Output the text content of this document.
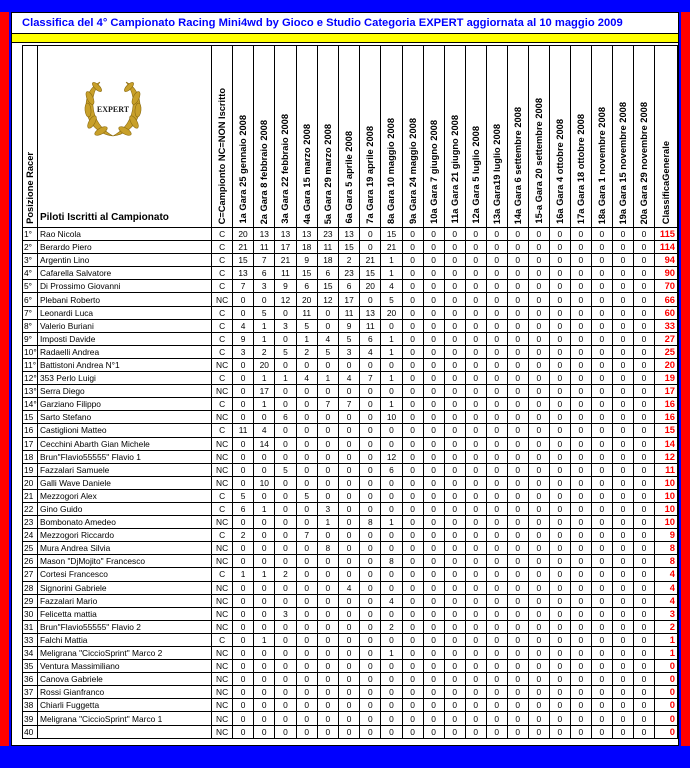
Classifica del 4° Campionato Racing Mini4wd by Gioco e Studio Categoria EXPERT aggiornata al 10 maggio 2009
Posizione Racer	EXPERT
Piloti Iscritti al Campionato	C=Campionto NC=NON Iscritto	1a Gara 25 gennaio 2008	2a Gara 8 febbraio 2008	3a Gara 22 febbraio 2008	4a Gara 15 marzo 2008	5a Gara 29 marzo 2008	6a Gara 5 aprile 2008	7a Gara 19 aprile 2008	8a Gara 10 maggio 2008	9a Gara 24 maggio 2008	10a Gara 7 giugno 2008	11a Gara 21 giugno 2008	12a Gara 5 luglio 2008	13a Gara19 luglio 2008	14a Gara 6 settembre 2008	15-a Gara 20 settembre 2008	16a Gara 4 ottobre 2008	17a Gara 18 ottobre 2008	18a Gara 1 novembre 2008	19a Gara 15 novembre 2008	20a Gara 29 novembre 2008	ClassificaGenerale

1°	Rao Nicola	C	20	13	13	13	23	13	0	15	0	0	0	0	0	0	0	0	0	0	0	0	115
2°	Berardo Piero	C	21	11	17	18	11	15	0	21	0	0	0	0	0	0	0	0	0	0	0	0	114
3°	Argentin Lino	C	15	7	21	9	18	2	21	1	0	0	0	0	0	0	0	0	0	0	0	0	94
4°	Cafarella Salvatore	C	13	6	11	15	6	23	15	1	0	0	0	0	0	0	0	0	0	0	0	0	90
5°	Di Prossimo Giovanni	C	7	3	9	6	15	6	20	4	0	0	0	0	0	0	0	0	0	0	0	0	70
6°	Plebani Roberto	NC	0	0	12	20	12	17	0	5	0	0	0	0	0	0	0	0	0	0	0	0	66
7°	Leonardi Luca	C	0	5	0	11	0	11	13	20	0	0	0	0	0	0	0	0	0	0	0	0	60
8°	Valerio Buriani	C	4	1	3	5	0	9	11	0	0	0	0	0	0	0	0	0	0	0	0	0	33
9°	Imposti Davide	C	9	1	0	1	4	5	6	1	0	0	0	0	0	0	0	0	0	0	0	0	27
10°	Radaelli Andrea	C	3	2	5	2	5	3	4	1	0	0	0	0	0	0	0	0	0	0	0	0	25
11°	Battistoni Andrea N°1	NC	0	20	0	0	0	0	0	0	0	0	0	0	0	0	0	0	0	0	0	0	20
12°	353 Perlo Luigi	C	0	1	1	4	1	4	7	1	0	0	0	0	0	0	0	0	0	0	0	0	19
13°	Serra Diego	NC	0	17	0	0	0	0	0	0	0	0	0	0	0	0	0	0	0	0	0	0	17
14°	Garziano Filippo	C	0	1	0	0	7	7	0	1	0	0	0	0	0	0	0	0	0	0	0	0	16
15	Sarto Stefano	NC	0	0	6	0	0	0	0	10	0	0	0	0	0	0	0	0	0	0	0	0	16
16	Castiglioni Matteo	C	11	4	0	0	0	0	0	0	0	0	0	0	0	0	0	0	0	0	0	0	15
17	Cecchini Abarth Gian Michele	NC	0	14	0	0	0	0	0	0	0	0	0	0	0	0	0	0	0	0	0	0	14
18	Brun"Flavio55555" Flavio 1	NC	0	0	0	0	0	0	0	12	0	0	0	0	0	0	0	0	0	0	0	0	12
19	Fazzalari Samuele	NC	0	0	5	0	0	0	0	6	0	0	0	0	0	0	0	0	0	0	0	0	11
20	Galli Wave Daniele	NC	0	10	0	0	0	0	0	0	0	0	0	0	0	0	0	0	0	0	0	0	10
21	Mezzogori Alex	C	5	0	0	5	0	0	0	0	0	0	0	0	0	0	0	0	0	0	0	0	10
22	Gino Guido	C	6	1	0	0	3	0	0	0	0	0	0	0	0	0	0	0	0	0	0	0	10
23	Bombonato Amedeo	NC	0	0	0	0	1	0	8	1	0	0	0	0	0	0	0	0	0	0	0	0	10
24	Mezzogori Riccardo	C	2	0	0	7	0	0	0	0	0	0	0	0	0	0	0	0	0	0	0	0	9
25	Mura Andrea Silvia	NC	0	0	0	0	8	0	0	0	0	0	0	0	0	0	0	0	0	0	0	0	8
26	Mason "DjMojito" Francesco	NC	0	0	0	0	0	0	0	8	0	0	0	0	0	0	0	0	0	0	0	0	8
27	Cortesi Francesco	C	1	1	2	0	0	0	0	0	0	0	0	0	0	0	0	0	0	0	0	0	4
28	Signorini Gabriele	NC	0	0	0	0	0	4	0	0	0	0	0	0	0	0	0	0	0	0	0	0	4
29	Fazzalari Mario	NC	0	0	0	0	0	0	0	4	0	0	0	0	0	0	0	0	0	0	0	0	4
30	Felicetta mattia	NC	0	0	3	0	0	0	0	0	0	0	0	0	0	0	0	0	0	0	0	0	3
31	Brun"Flavio55555" Flavio 2	NC	0	0	0	0	0	0	0	2	0	0	0	0	0	0	0	0	0	0	0	0	2
33	Falchi Mattia	C	0	1	0	0	0	0	0	0	0	0	0	0	0	0	0	0	0	0	0	0	1
34	Meligrana "CiccioSprint" Marco 2	NC	0	0	0	0	0	0	0	1	0	0	0	0	0	0	0	0	0	0	0	0	1
35	Ventura Massimiliano	NC	0	0	0	0	0	0	0	0	0	0	0	0	0	0	0	0	0	0	0	0	0
36	Canova Gabriele	NC	0	0	0	0	0	0	0	0	0	0	0	0	0	0	0	0	0	0	0	0	0
37	Rossi Gianfranco	NC	0	0	0	0	0	0	0	0	0	0	0	0	0	0	0	0	0	0	0	0	0
38	Chiarli Fuggetta	NC	0	0	0	0	0	0	0	0	0	0	0	0	0	0	0	0	0	0	0	0	0
39	Meligrana "CiccioSprint" Marco 1	NC	0	0	0	0	0	0	0	0	0	0	0	0	0	0	0	0	0	0	0	0	0
40		NC	0	0	0	0	0	0	0	0	0	0	0	0	0	0	0	0	0	0	0	0	0
